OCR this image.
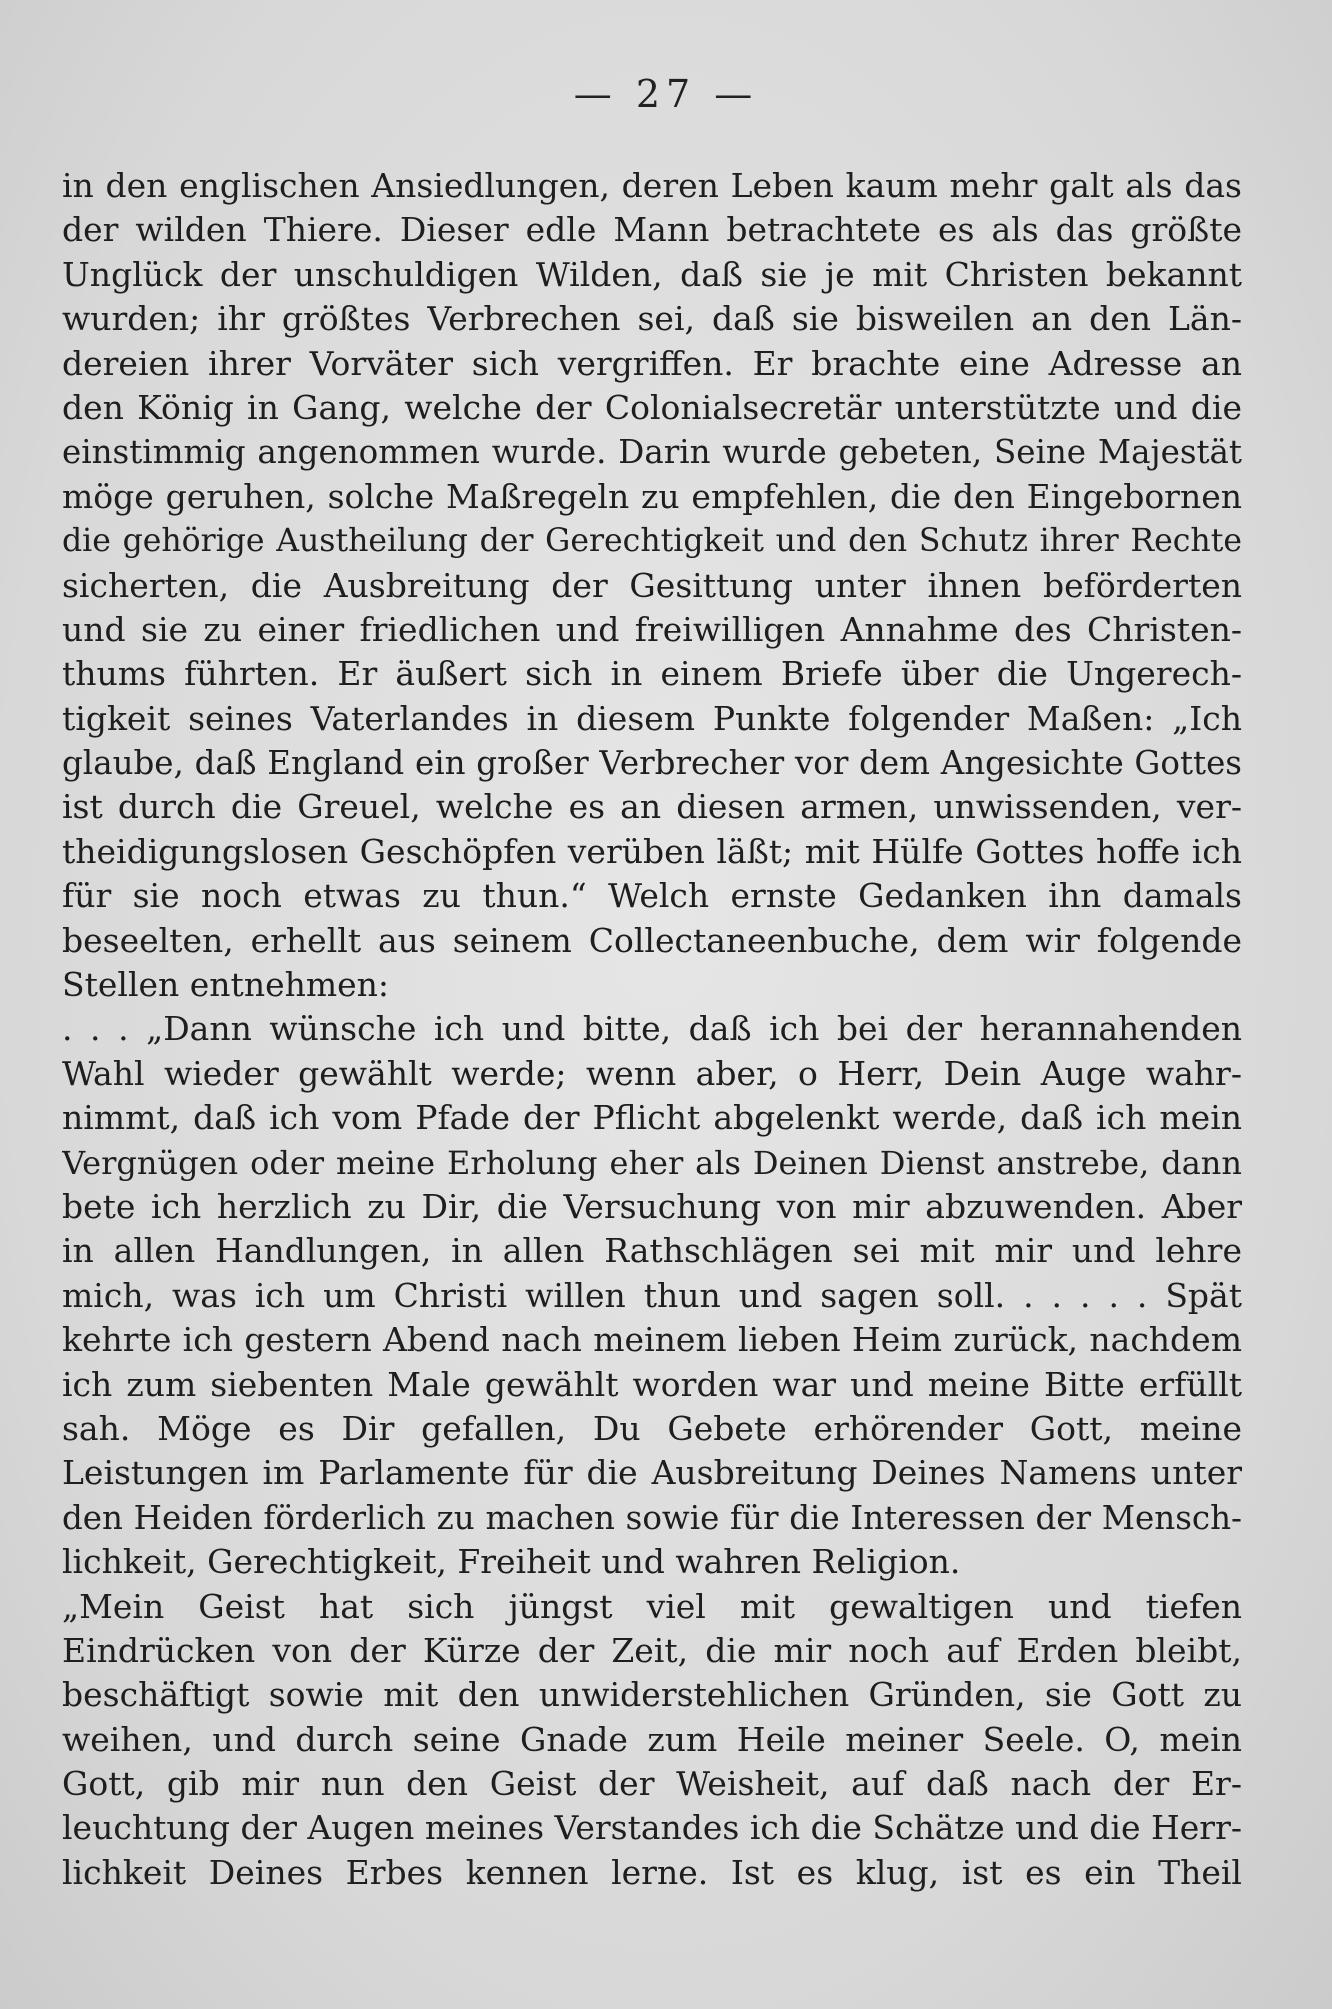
— 27 —
in den englischen Ansiedlungen, deren Leben kaum mehr galt als das
der wilden Thiere. Dieser edle Mann betrachtete es als das größte
Unglück der unschuldigen Wilden, daß sie je mit Christen bekannt
wurden; ihr größtes Verbrechen sei, daß sie bisweilen an den Län-
dereien ihrer Vorväter sich vergriffen. Er brachte eine Adresse an
den König in Gang, welche der Colonialsecretär unterstützte und die
einstimmig angenommen wurde. Darin wurde gebeten, Seine Majestät
möge geruhen, solche Maßregeln zu empfehlen, die den Eingebornen
die gehörige Austheilung der Gerechtigkeit und den Schutz ihrer Rechte
sicherten, die Ausbreitung der Gesittung unter ihnen beförderten
und sie zu einer friedlichen und freiwilligen Annahme des Christen-
thums führten. Er äußert sich in einem Briefe über die Ungerech-
tigkeit seines Vaterlandes in diesem Punkte folgender Maßen: „Ich
glaube, daß England ein großer Verbrecher vor dem Angesichte Gottes
ist durch die Greuel, welche es an diesen armen, unwissenden, ver-
theidigungslosen Geschöpfen verüben läßt; mit Hülfe Gottes hoffe ich
für sie noch etwas zu thun.“ Welch ernste Gedanken ihn damals
beseelten, erhellt aus seinem Collectaneenbuche, dem wir folgende
Stellen entnehmen:
. . . „Dann wünsche ich und bitte, daß ich bei der herannahenden
Wahl wieder gewählt werde; wenn aber, o Herr, Dein Auge wahr-
nimmt, daß ich vom Pfade der Pflicht abgelenkt werde, daß ich mein
Vergnügen oder meine Erholung eher als Deinen Dienst anstrebe, dann
bete ich herzlich zu Dir, die Versuchung von mir abzuwenden. Aber
in allen Handlungen, in allen Rathschlägen sei mit mir und lehre
mich, was ich um Christi willen thun und sagen soll. . . . . . Spät
kehrte ich gestern Abend nach meinem lieben Heim zurück, nachdem
ich zum siebenten Male gewählt worden war und meine Bitte erfüllt
sah. Möge es Dir gefallen, Du Gebete erhörender Gott, meine
Leistungen im Parlamente für die Ausbreitung Deines Namens unter
den Heiden förderlich zu machen sowie für die Interessen der Mensch-
lichkeit, Gerechtigkeit, Freiheit und wahren Religion.
„Mein Geist hat sich jüngst viel mit gewaltigen und tiefen
Eindrücken von der Kürze der Zeit, die mir noch auf Erden bleibt,
beschäftigt sowie mit den unwiderstehlichen Gründen, sie Gott zu
weihen, und durch seine Gnade zum Heile meiner Seele. O, mein
Gott, gib mir nun den Geist der Weisheit, auf daß nach der Er-
leuchtung der Augen meines Verstandes ich die Schätze und die Herr-
lichkeit Deines Erbes kennen lerne. Ist es klug, ist es ein Theil
